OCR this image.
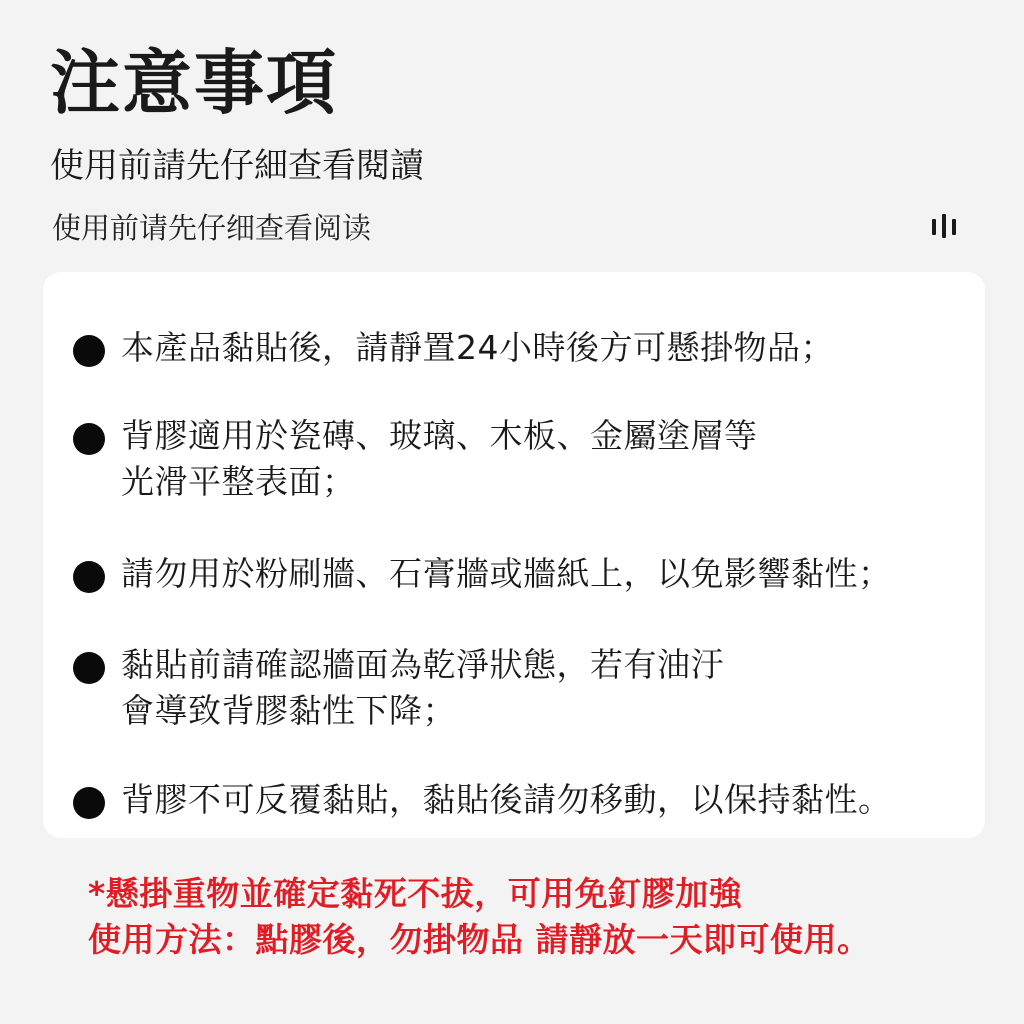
注意事項
使用前請先仔細查看閱讀
使用前请先仔细查看阅读
本產品黏貼後，請靜置24小時後方可懸掛物品；
背膠適用於瓷磚、玻璃、木板、金屬塗層等
光滑平整表面；
請勿用於粉刷牆、石膏牆或牆紙上，以免影響黏性；
黏貼前請確認牆面為乾淨狀態，若有油汙
會導致背膠黏性下降；
背膠不可反覆黏貼，黏貼後請勿移動，以保持黏性。
*懸掛重物並確定黏死不拔，可用免釘膠加強
使用方法：點膠後，勿掛物品 請靜放一天即可使用。
